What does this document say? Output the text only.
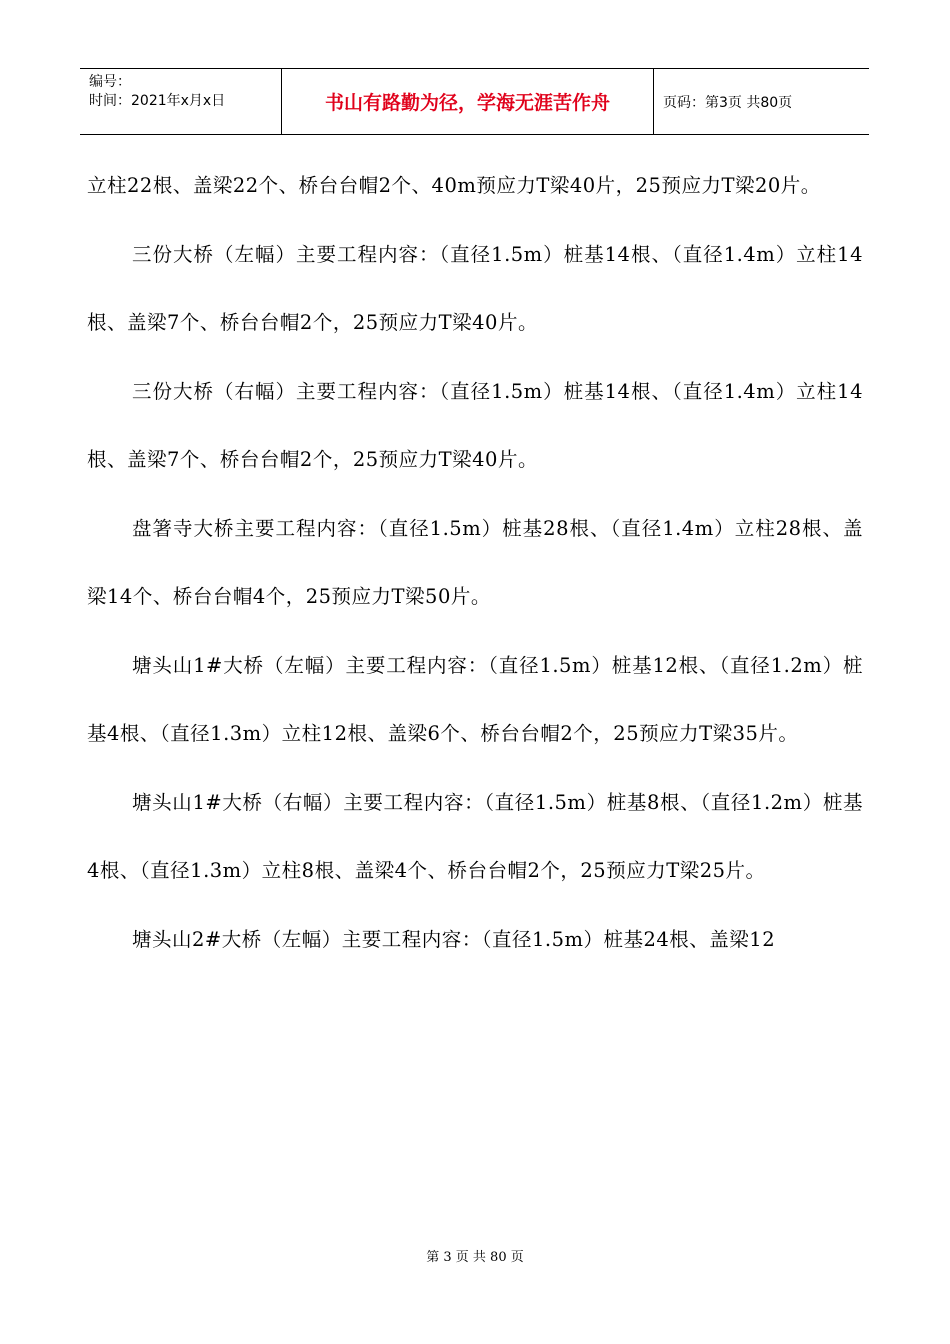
编号：
时间：2021年x月x日	书山有路勤为径，学海无涯苦作舟	页码：第3页 共80页

立柱22根、盖梁22个、桥台台帽2个、40m预应力T梁40片，25预应力T梁20片。

三份大桥（左幅）主要工程内容：（直径1.5m）桩基14根、（直径1.4m）立柱14根、盖梁7个、桥台台帽2个，25预应力T梁40片。

三份大桥（右幅）主要工程内容：（直径1.5m）桩基14根、（直径1.4m）立柱14根、盖梁7个、桥台台帽2个，25预应力T梁40片。

盘箸寺大桥主要工程内容：（直径1.5m）桩基28根、（直径1.4m）立柱28根、盖梁14个、桥台台帽4个，25预应力T梁50片。

塘头山1#大桥（左幅）主要工程内容：（直径1.5m）桩基12根、（直径1.2m）桩基4根、（直径1.3m）立柱12根、盖梁6个、桥台台帽2个，25预应力T梁35片。

塘头山1#大桥（右幅）主要工程内容：（直径1.5m）桩基8根、（直径1.2m）桩基4根、（直径1.3m）立柱8根、盖梁4个、桥台台帽2个，25预应力T梁25片。

塘头山2#大桥（左幅）主要工程内容：（直径1.5m）桩基24根、盖梁12

第 3 页 共 80 页
